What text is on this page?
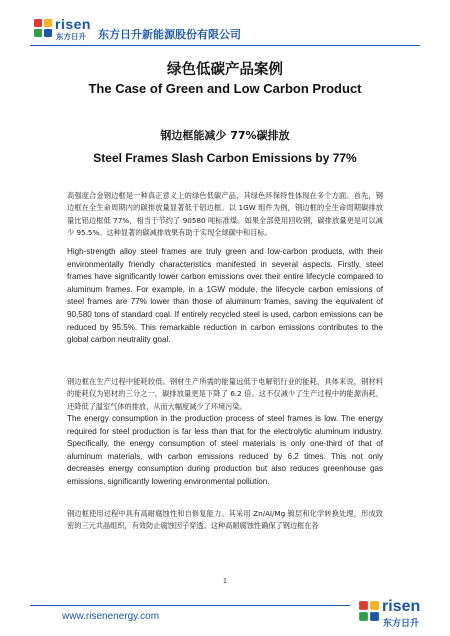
risen
东方日升 东方日升新能源股份有限公司
绿色低碳产品案例
The Case of Green and Low Carbon Product
钢边框能减少 77%碳排放
Steel Frames Slash Carbon Emissions by 77%

高强度合金钢边框是一种真正意义上的绿色低碳产品，其绿色环保特性体现在多个方面。首先，钢边框在全生命周期内的碳排放量显著低于铝边框。以 1GW 组件为例，钢边框的全生命周期碳排放量比铝边框低 77%，相当于节约了 90580 吨标准煤。如果全部使用回收钢，碳排放量更是可以减少 95.5%。这种显著的碳减排效果有助于实现全球碳中和目标。

High-strength alloy steel frames are truly green and low-carbon products, with their environmentally friendly characteristics manifested in several aspects. Firstly, steel frames have significantly lower carbon emissions over their entire lifecycle compared to aluminum frames. For example, in a 1GW module, the lifecycle carbon emissions of steel frames are 77% lower than those of aluminum frames, saving the equivalent of 90,580 tons of standard coal. If entirely recycled steel is used, carbon emissions can be reduced by 95.5%. This remarkable reduction in carbon emissions contributes to the global carbon neutrality goal.

钢边框在生产过程中能耗较低。钢材生产所需的能量远低于电解铝行业的能耗，具体来说，钢材料的能耗仅为铝材的三分之一，碳排放量更是下降了 6.2 倍。这不仅减少了生产过程中的能源消耗，还降低了温室气体的排放，从而大幅度减少了环境污染。

The energy consumption in the production process of steel frames is low. The energy required for steel production is far less than that for the electrolytic aluminum industry. Specifically, the energy consumption of steel materials is only one-third of that of aluminum materials, with carbon emissions reduced by 6.2 times. This not only decreases energy consumption during production but also reduces greenhouse gas emissions, significantly lowering environmental pollution.

钢边框使用过程中具有高耐腐蚀性和自修复能力。其采用 Zn/Al/Mg 镀层和化学转换处理，形成致密的三元共晶组织，有效防止腐蚀因子穿透。这种高耐腐蚀性确保了钢边框在各

1
www.risenenergy.com
risen
东方日升
